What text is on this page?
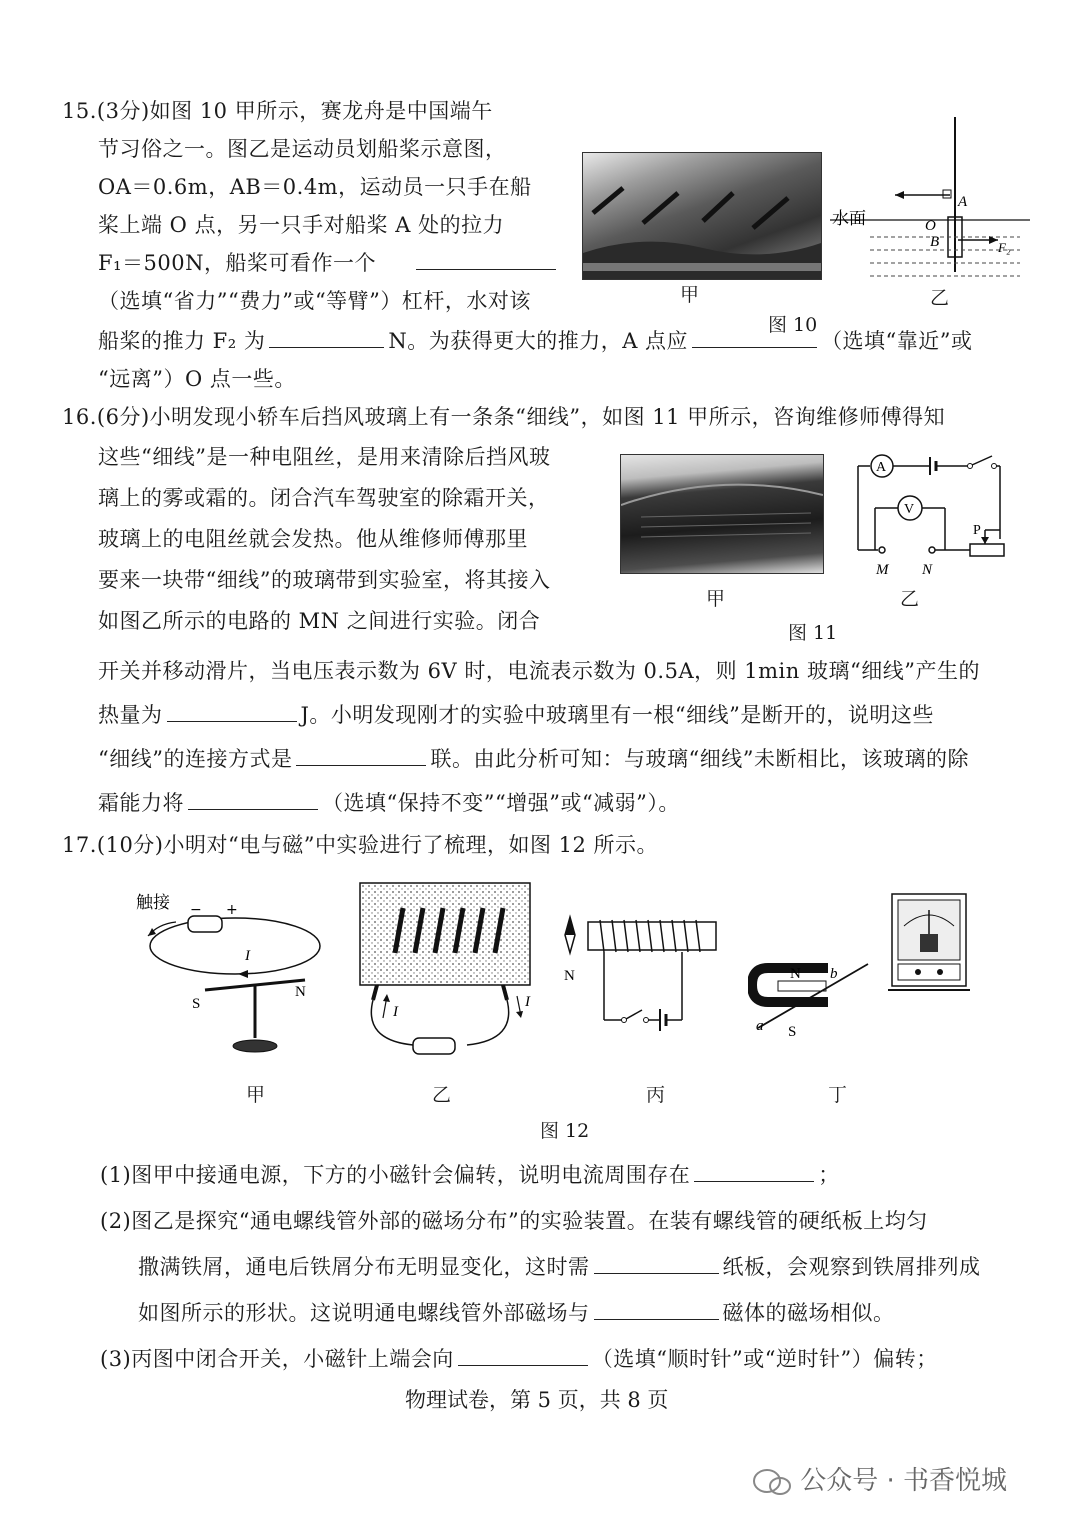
15.(3分)如图 10 甲所示，赛龙舟是中国端午
节习俗之一。图乙是运动员划船桨示意图，
OA＝0.6m，AB＝0.4m，运动员一只手在船
桨上端 O 点，另一只手对船桨 A 处的拉力
F₁＝500N，船桨可看作一个
（选填“省力”“费力”或“等臂”）杠杆，水对该
船桨的推力 F₂ 为	N。为获得更大的推力，A 点应	（选填“靠近”或
“远离”）O 点一些。
甲
A
O
B	F₂
水面
乙
图 10
16.(6分)小明发现小轿车后挡风玻璃上有一条条“细线”，如图 11 甲所示，咨询维修师傅得知
这些“细线”是一种电阻丝，是用来清除后挡风玻
璃上的雾或霜的。闭合汽车驾驶室的除霜开关，
玻璃上的电阻丝就会发热。他从维修师傅那里
要来一块带“细线”的玻璃带到实验室，将其接入
如图乙所示的电路的 MN 之间进行实验。闭合
开关并移动滑片，当电压表示数为 6V 时，电流表示数为 0.5A，则 1min 玻璃“细线”产生的
热量为	J。小明发现刚才的实验中玻璃里有一根“细线”是断开的，说明这些
“细线”的连接方式是	联。由此分析可知：与玻璃“细线”未断相比，该玻璃的除
霜能力将	（选填“保持不变”“增强”或“减弱”）。
甲
A
V
P
M N
乙
图 11
17.(10分)小明对“电与磁”中实验进行了梳理，如图 12 所示。
触接 − +
I
S
N
甲
I
I
乙
N
丙
N
S
a
b
丁
图 12
(1)图甲中接通电源，下方的小磁针会偏转，说明电流周围存在	；
(2)图乙是探究“通电螺线管外部的磁场分布”的实验装置。在装有螺线管的硬纸板上均匀
撒满铁屑，通电后铁屑分布无明显变化，这时需	纸板，会观察到铁屑排列成
如图所示的形状。这说明通电螺线管外部磁场与	磁体的磁场相似。
(3)丙图中闭合开关，小磁针上端会向	（选填“顺时针”或“逆时针”）偏转；
物理试卷，第 5 页，共 8 页
公众号 · 书香悦城
